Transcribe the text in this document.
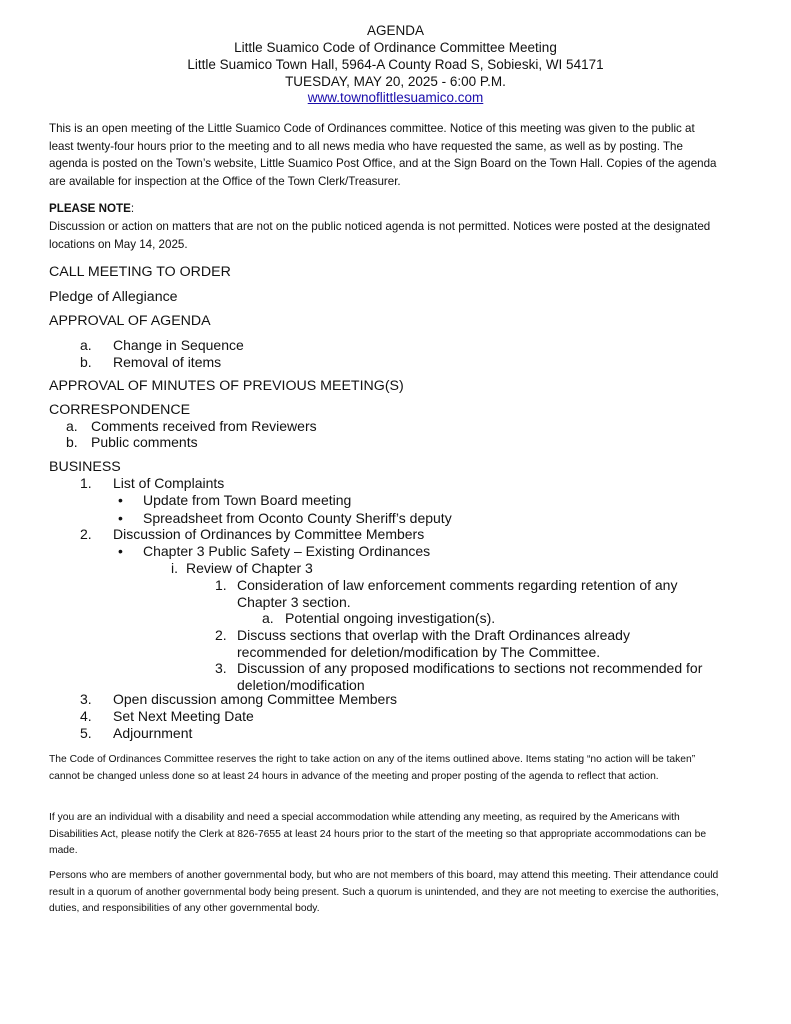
AGENDA
Little Suamico Code of Ordinance Committee Meeting
Little Suamico Town Hall, 5964-A County Road S, Sobieski, WI 54171
TUESDAY, MAY 20, 2025 - 6:00 P.M.
www.townoflittlesuamico.com
This is an open meeting of the Little Suamico Code of Ordinances committee. Notice of this meeting was given to the public at least twenty-four hours prior to the meeting and to all news media who have requested the same, as well as by posting. The agenda is posted on the Town’s website, Little Suamico Post Office, and at the Sign Board on the Town Hall. Copies of the agenda are available for inspection at the Office of the Town Clerk/Treasurer.
PLEASE NOTE:
Discussion or action on matters that are not on the public noticed agenda is not permitted. Notices were posted at the designated locations on May 14, 2025.
CALL MEETING TO ORDER
Pledge of Allegiance
APPROVAL OF AGENDA
a. Change in Sequence
b. Removal of items
APPROVAL OF MINUTES OF PREVIOUS MEETING(S)
CORRESPONDENCE
a. Comments received from Reviewers
b. Public comments
BUSINESS
1. List of Complaints
• Update from Town Board meeting
• Spreadsheet from Oconto County Sheriff’s deputy
2. Discussion of Ordinances by Committee Members
• Chapter 3 Public Safety – Existing Ordinances
i. Review of Chapter 3
1. Consideration of law enforcement comments regarding retention of any Chapter 3 section.
a. Potential ongoing investigation(s).
2. Discuss sections that overlap with the Draft Ordinances already recommended for deletion/modification by The Committee.
3. Discussion of any proposed modifications to sections not recommended for deletion/modification
3. Open discussion among Committee Members
4. Set Next Meeting Date
5. Adjournment
The Code of Ordinances Committee reserves the right to take action on any of the items outlined above. Items stating “no action will be taken” cannot be changed unless done so at least 24 hours in advance of the meeting and proper posting of the agenda to reflect that action.
If you are an individual with a disability and need a special accommodation while attending any meeting, as required by the Americans with Disabilities Act, please notify the Clerk at 826-7655 at least 24 hours prior to the start of the meeting so that appropriate accommodations can be made.
Persons who are members of another governmental body, but who are not members of this board, may attend this meeting. Their attendance could result in a quorum of another governmental body being present. Such a quorum is unintended, and they are not meeting to exercise the authorities, duties, and responsibilities of any other governmental body.
